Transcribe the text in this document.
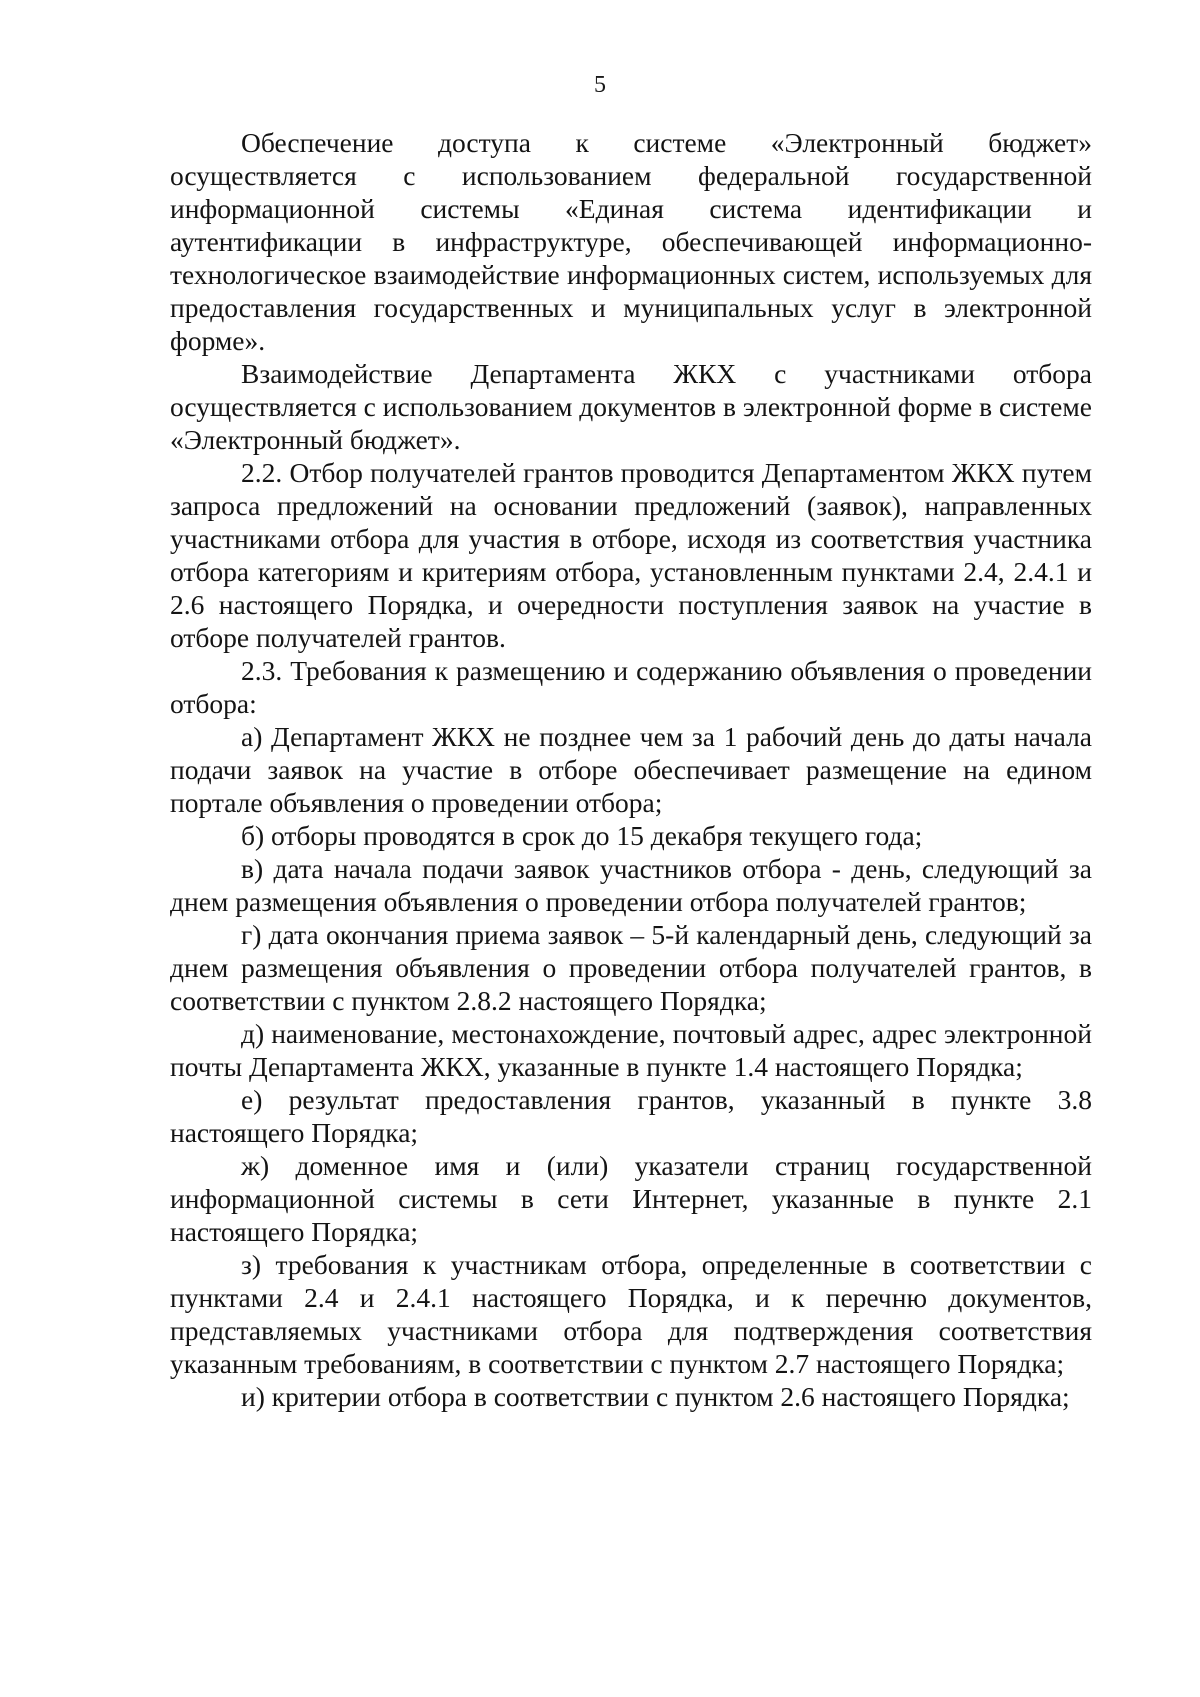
5

Обеспечение доступа к системе «Электронный бюджет» осуществляется с использованием федеральной государственной информационной системы «Единая система идентификации и аутентификации в инфраструктуре, обеспечивающей информационно-технологическое взаимодействие информационных систем, используемых для предоставления государственных и муниципальных услуг в электронной форме».

Взаимодействие Департамента ЖКХ с участниками отбора осуществляется с использованием документов в электронной форме в системе «Электронный бюджет».

2.2. Отбор получателей грантов проводится Департаментом ЖКХ путем запроса предложений на основании предложений (заявок), направленных участниками отбора для участия в отборе, исходя из соответствия участника отбора категориям и критериям отбора, установленным пунктами 2.4, 2.4.1 и 2.6 настоящего Порядка, и очередности поступления заявок на участие в отборе получателей грантов.

2.3. Требования к размещению и содержанию объявления о проведении отбора:

а) Департамент ЖКХ не позднее чем за 1 рабочий день до даты начала подачи заявок на участие в отборе обеспечивает размещение на едином портале объявления о проведении отбора;

б) отборы проводятся в срок до 15 декабря текущего года;

в) дата начала подачи заявок участников отбора - день, следующий за днем размещения объявления о проведении отбора получателей грантов;

г) дата окончания приема заявок – 5-й календарный день, следующий за днем размещения объявления о проведении отбора получателей грантов, в соответствии с пунктом 2.8.2 настоящего Порядка;

д) наименование, местонахождение, почтовый адрес, адрес электронной почты Департамента ЖКХ, указанные в пункте 1.4 настоящего Порядка;

е) результат предоставления грантов, указанный в пункте 3.8 настоящего Порядка;

ж) доменное имя и (или) указатели страниц государственной информационной системы в сети Интернет, указанные в пункте 2.1 настоящего Порядка;

з) требования к участникам отбора, определенные в соответствии с пунктами 2.4 и 2.4.1 настоящего Порядка, и к перечню документов, представляемых участниками отбора для подтверждения соответствия указанным требованиям, в соответствии с пунктом 2.7 настоящего Порядка;

и) критерии отбора в соответствии с пунктом 2.6 настоящего Порядка;
